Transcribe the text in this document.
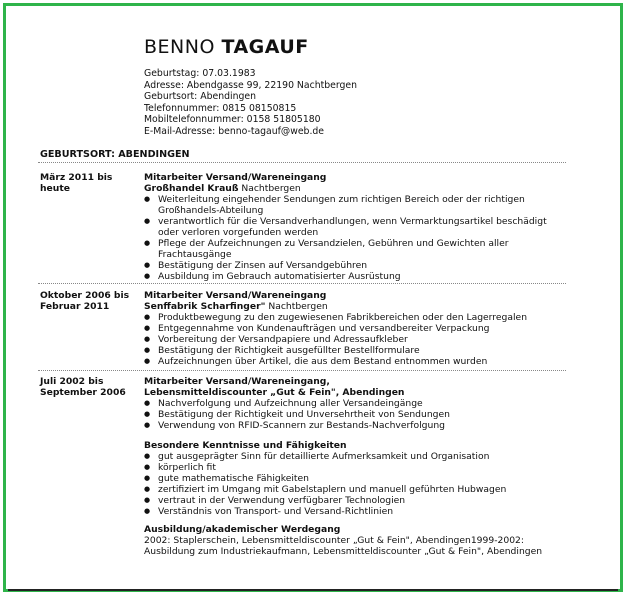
BENNO TAGAUF
Geburtstag: 07.03.1983
Adresse: Abendgasse 99, 22190 Nachtbergen
Geburtsort: Abendingen
Telefonnummer: 0815 08150815
Mobiltelefonnummer: 0158 51805180
E-Mail-Adresse: benno-tagauf@web.de
GEBURTSORT: ABENDINGEN
März 2011 bis heute
Mitarbeiter Versand/Wareneingang
Großhandel Krauß Nachtbergen
● Weiterleitung eingehender Sendungen zum richtigen Bereich oder der richtigen Großhandels-Abteilung
● verantwortlich für die Versandverhandlungen, wenn Vermarktungsartikel beschädigt oder verloren vorgefunden werden
● Pflege der Aufzeichnungen zu Versandzielen, Gebühren und Gewichten aller Frachtausgänge
● Bestätigung der Zinsen auf Versandgebühren
● Ausbildung im Gebrauch automatisierter Ausrüstung
Oktober 2006 bis Februar 2011
Mitarbeiter Versand/Wareneingang
Senffabrik Scharfinger" Nachtbergen
● Produktbewegung zu den zugewiesenen Fabrikbereichen oder den Lagerregalen
● Entgegennahme von Kundenaufträgen und versandbereiter Verpackung
● Vorbereitung der Versandpapiere und Adressaufkleber
● Bestätigung der Richtigkeit ausgefüllter Bestellformulare
● Aufzeichnungen über Artikel, die aus dem Bestand entnommen wurden
Juli 2002 bis September 2006
Mitarbeiter Versand/Wareneingang,
Lebensmitteldiscounter „Gut & Fein", Abendingen
● Nachverfolgung und Aufzeichnung aller Versandeingänge
● Bestätigung der Richtigkeit und Unversehrtheit von Sendungen
● Verwendung von RFID-Scannern zur Bestands-Nachverfolgung
Besondere Kenntnisse und Fähigkeiten
● gut ausgeprägter Sinn für detaillierte Aufmerksamkeit und Organisation
● körperlich fit
● gute mathematische Fähigkeiten
● zertifiziert im Umgang mit Gabelstaplern und manuell geführten Hubwagen
● vertraut in der Verwendung verfügbarer Technologien
● Verständnis von Transport- und Versand-Richtlinien
Ausbildung/akademischer Werdegang
2002: Staplerschein, Lebensmitteldiscounter „Gut & Fein", Abendingen1999-2002:
Ausbildung zum Industriekaufmann, Lebensmitteldiscounter „Gut & Fein", Abendingen
